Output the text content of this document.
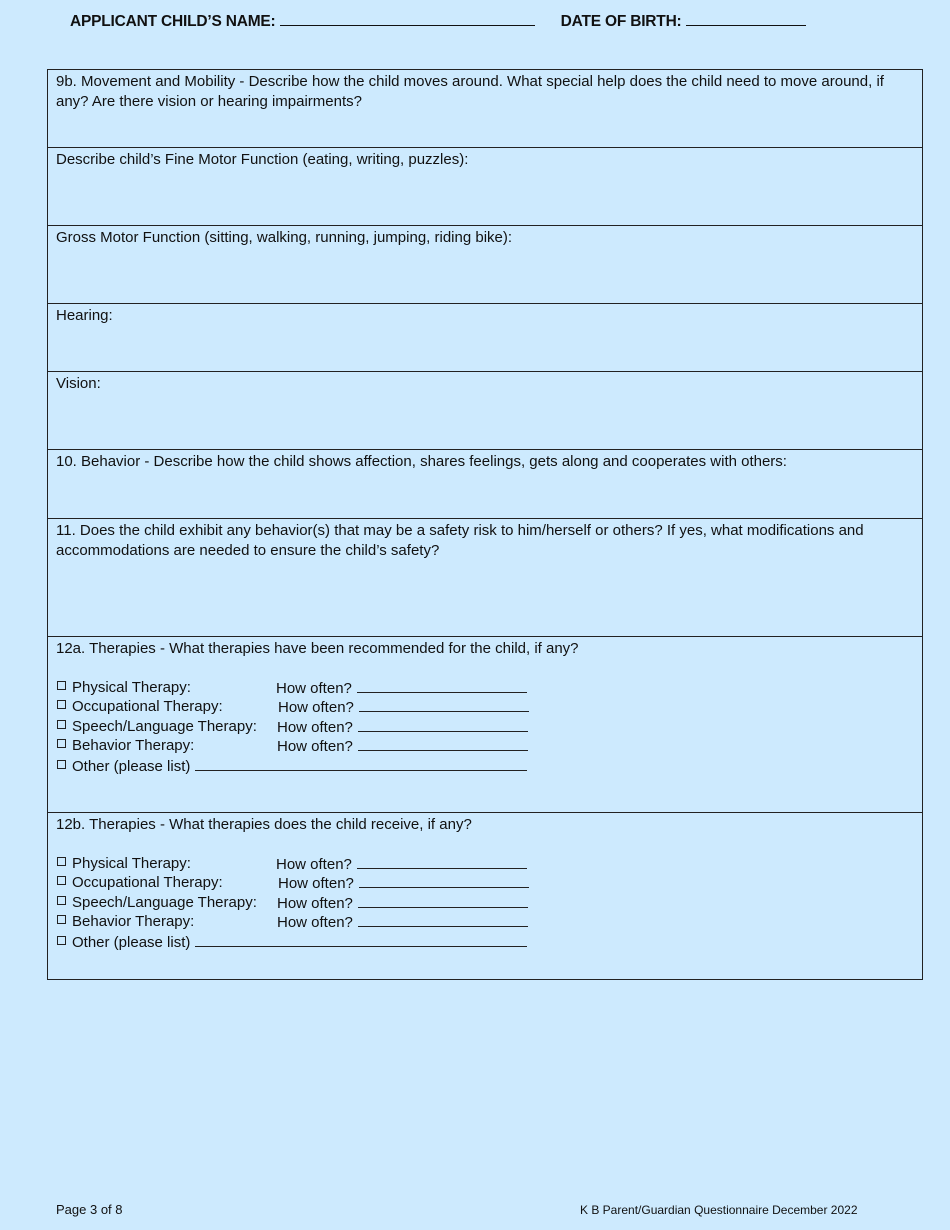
APPLICANT CHILD’S NAME:	DATE OF BIRTH:

9b. Movement and Mobility - Describe how the child moves around. What special help does the child need to move around, if any? Are there vision or hearing impairments?

Describe child’s Fine Motor Function (eating, writing, puzzles):

Gross Motor Function (sitting, walking, running, jumping, riding bike):

Hearing:

Vision:

10. Behavior - Describe how the child shows affection, shares feelings, gets along and cooperates with others:

11. Does the child exhibit any behavior(s) that may be a safety risk to him/herself or others? If yes, what modifications and accommodations are needed to ensure the child’s safety?

12a. Therapies - What therapies have been recommended for the child, if any?

Physical Therapy:	How often?
Occupational Therapy:	How often?
Speech/Language Therapy: How often?
Behavior Therapy:	How often?
Other (please list)

12b. Therapies - What therapies does the child receive, if any?

Physical Therapy:	How often?
Occupational Therapy:	How often?
Speech/Language Therapy: How often?
Behavior Therapy:	How often?
Other (please list)
Page 3 of 8	K B Parent/Guardian Questionnaire December 2022
